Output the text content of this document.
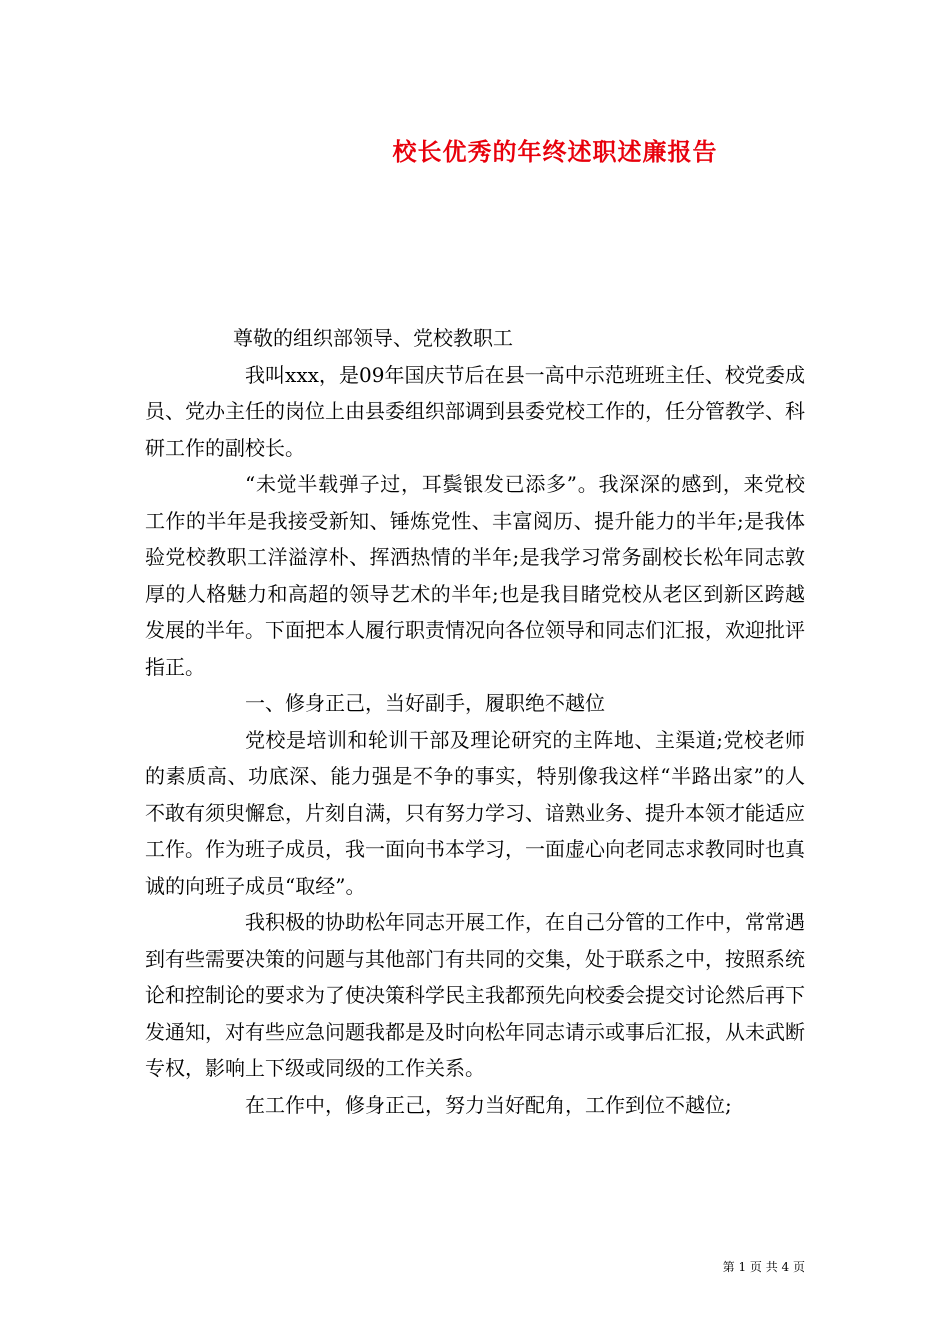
校长优秀的年终述职述廉报告

尊敬的组织部领导、党校教职工

我叫xxx，是09年国庆节后在县一高中示范班班主任、校党委成员、党办主任的岗位上由县委组织部调到县委党校工作的，任分管教学、科研工作的副校长。

“未觉半载弹子过，耳鬓银发已添多”。我深深的感到，来党校工作的半年是我接受新知、锤炼党性、丰富阅历、提升能力的半年;是我体验党校教职工洋溢淳朴、挥洒热情的半年;是我学习常务副校长松年同志敦厚的人格魅力和高超的领导艺术的半年;也是我目睹党校从老区到新区跨越发展的半年。下面把本人履行职责情况向各位领导和同志们汇报，欢迎批评指正。

一、修身正己，当好副手，履职绝不越位

党校是培训和轮训干部及理论研究的主阵地、主渠道;党校老师的素质高、功底深、能力强是不争的事实，特别像我这样“半路出家”的人不敢有须臾懈怠，片刻自满，只有努力学习、谙熟业务、提升本领才能适应工作。作为班子成员，我一面向书本学习，一面虚心向老同志求教同时也真诚的向班子成员“取经”。

我积极的协助松年同志开展工作，在自己分管的工作中，常常遇到有些需要决策的问题与其他部门有共同的交集，处于联系之中，按照系统论和控制论的要求为了使决策科学民主我都预先向校委会提交讨论然后再下发通知，对有些应急问题我都是及时向松年同志请示或事后汇报，从未武断专权，影响上下级或同级的工作关系。

在工作中，修身正己，努力当好配角，工作到位不越位;

第 1 页 共 4 页
